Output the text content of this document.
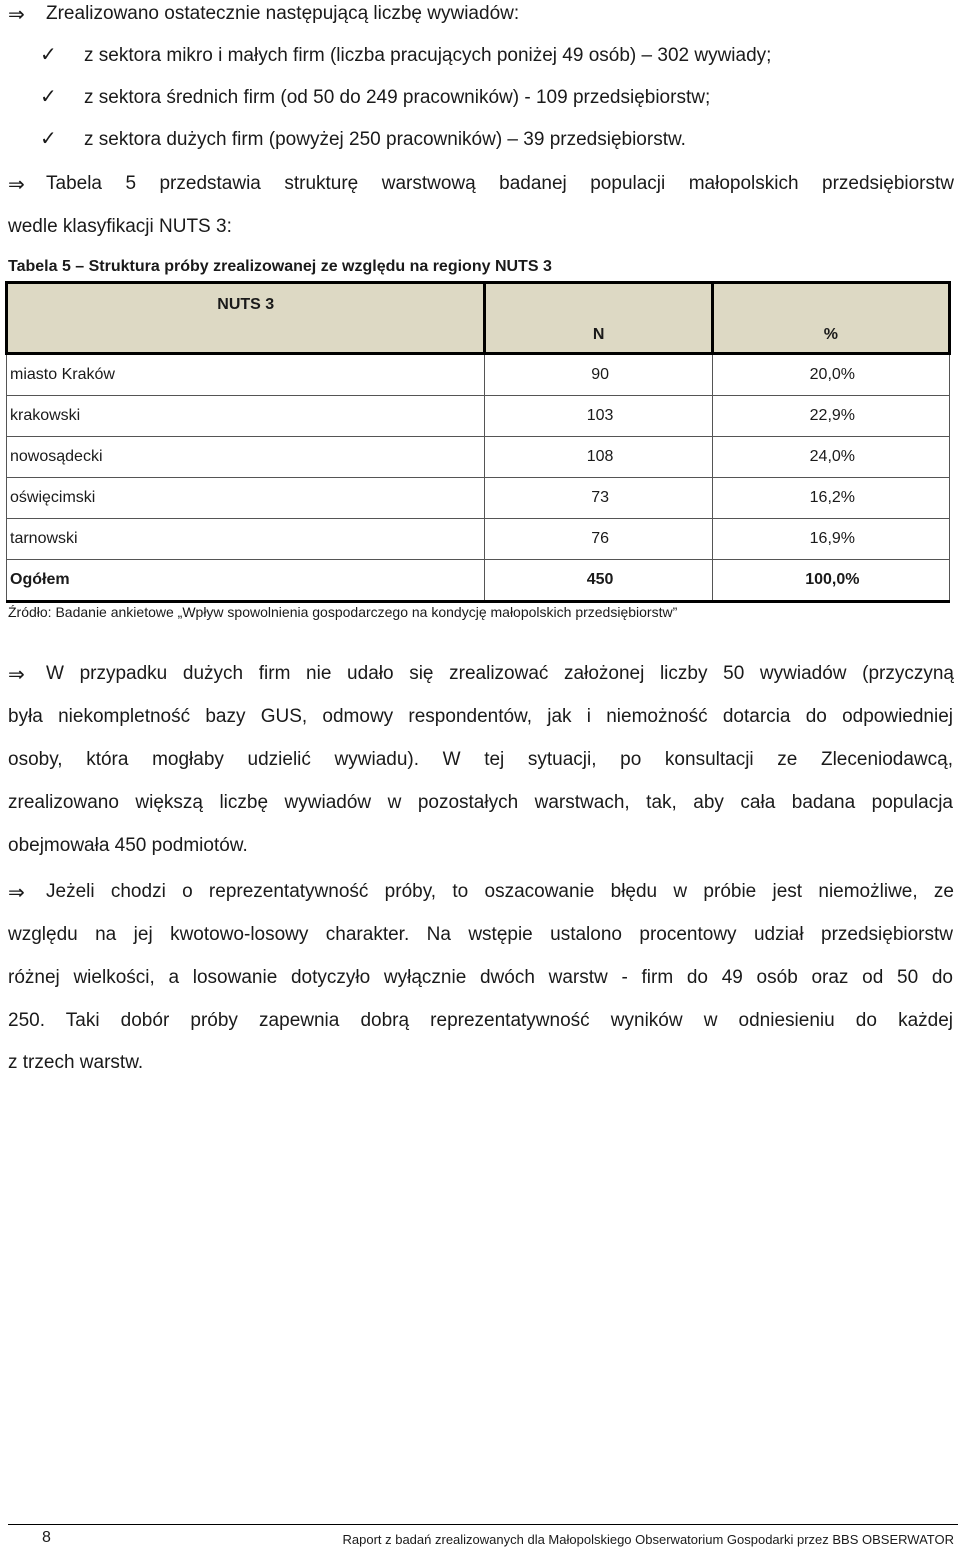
⇒ Zrealizowano ostatecznie następującą liczbę wywiadów:
✓ z sektora mikro i małych firm (liczba pracujących poniżej 49 osób) – 302 wywiady;
✓ z sektora średnich firm (od 50 do 249 pracowników) - 109 przedsiębiorstw;
✓ z sektora dużych firm (powyżej 250 pracowników) – 39 przedsiębiorstw.
⇒ Tabela 5 przedstawia strukturę warstwową badanej populacji małopolskich przedsiębiorstw
wedle klasyfikacji NUTS 3:
Tabela 5 – Struktura próby zrealizowanej ze względu na regiony NUTS 3
NUTS 3	N	%
miasto Kraków	90	20,0%
krakowski	103	22,9%
nowosądecki	108	24,0%
oświęcimski	73	16,2%
tarnowski	76	16,9%
Ogółem	450	100,0%
Źródło: Badanie ankietowe „Wpływ spowolnienia gospodarczego na kondycję małopolskich przedsiębiorstw”
⇒ W przypadku dużych firm nie udało się zrealizować założonej liczby 50 wywiadów (przyczyną
była niekompletność bazy GUS, odmowy respondentów, jak i niemożność dotarcia do odpowiedniej
osoby, która mogłaby udzielić wywiadu). W tej sytuacji, po konsultacji ze Zleceniodawcą,
zrealizowano większą liczbę wywiadów w pozostałych warstwach, tak, aby cała badana populacja
obejmowała 450 podmiotów.
⇒ Jeżeli chodzi o reprezentatywność próby, to oszacowanie błędu w próbie jest niemożliwe, ze
względu na jej kwotowo-losowy charakter. Na wstępie ustalono procentowy udział przedsiębiorstw
różnej wielkości, a losowanie dotyczyło wyłącznie dwóch warstw - firm do 49 osób oraz od 50 do
250. Taki dobór próby zapewnia dobrą reprezentatywność wyników w odniesieniu do każdej
z trzech warstw.
8	Raport z badań zrealizowanych dla Małopolskiego Obserwatorium Gospodarki przez BBS OBSERWATOR
